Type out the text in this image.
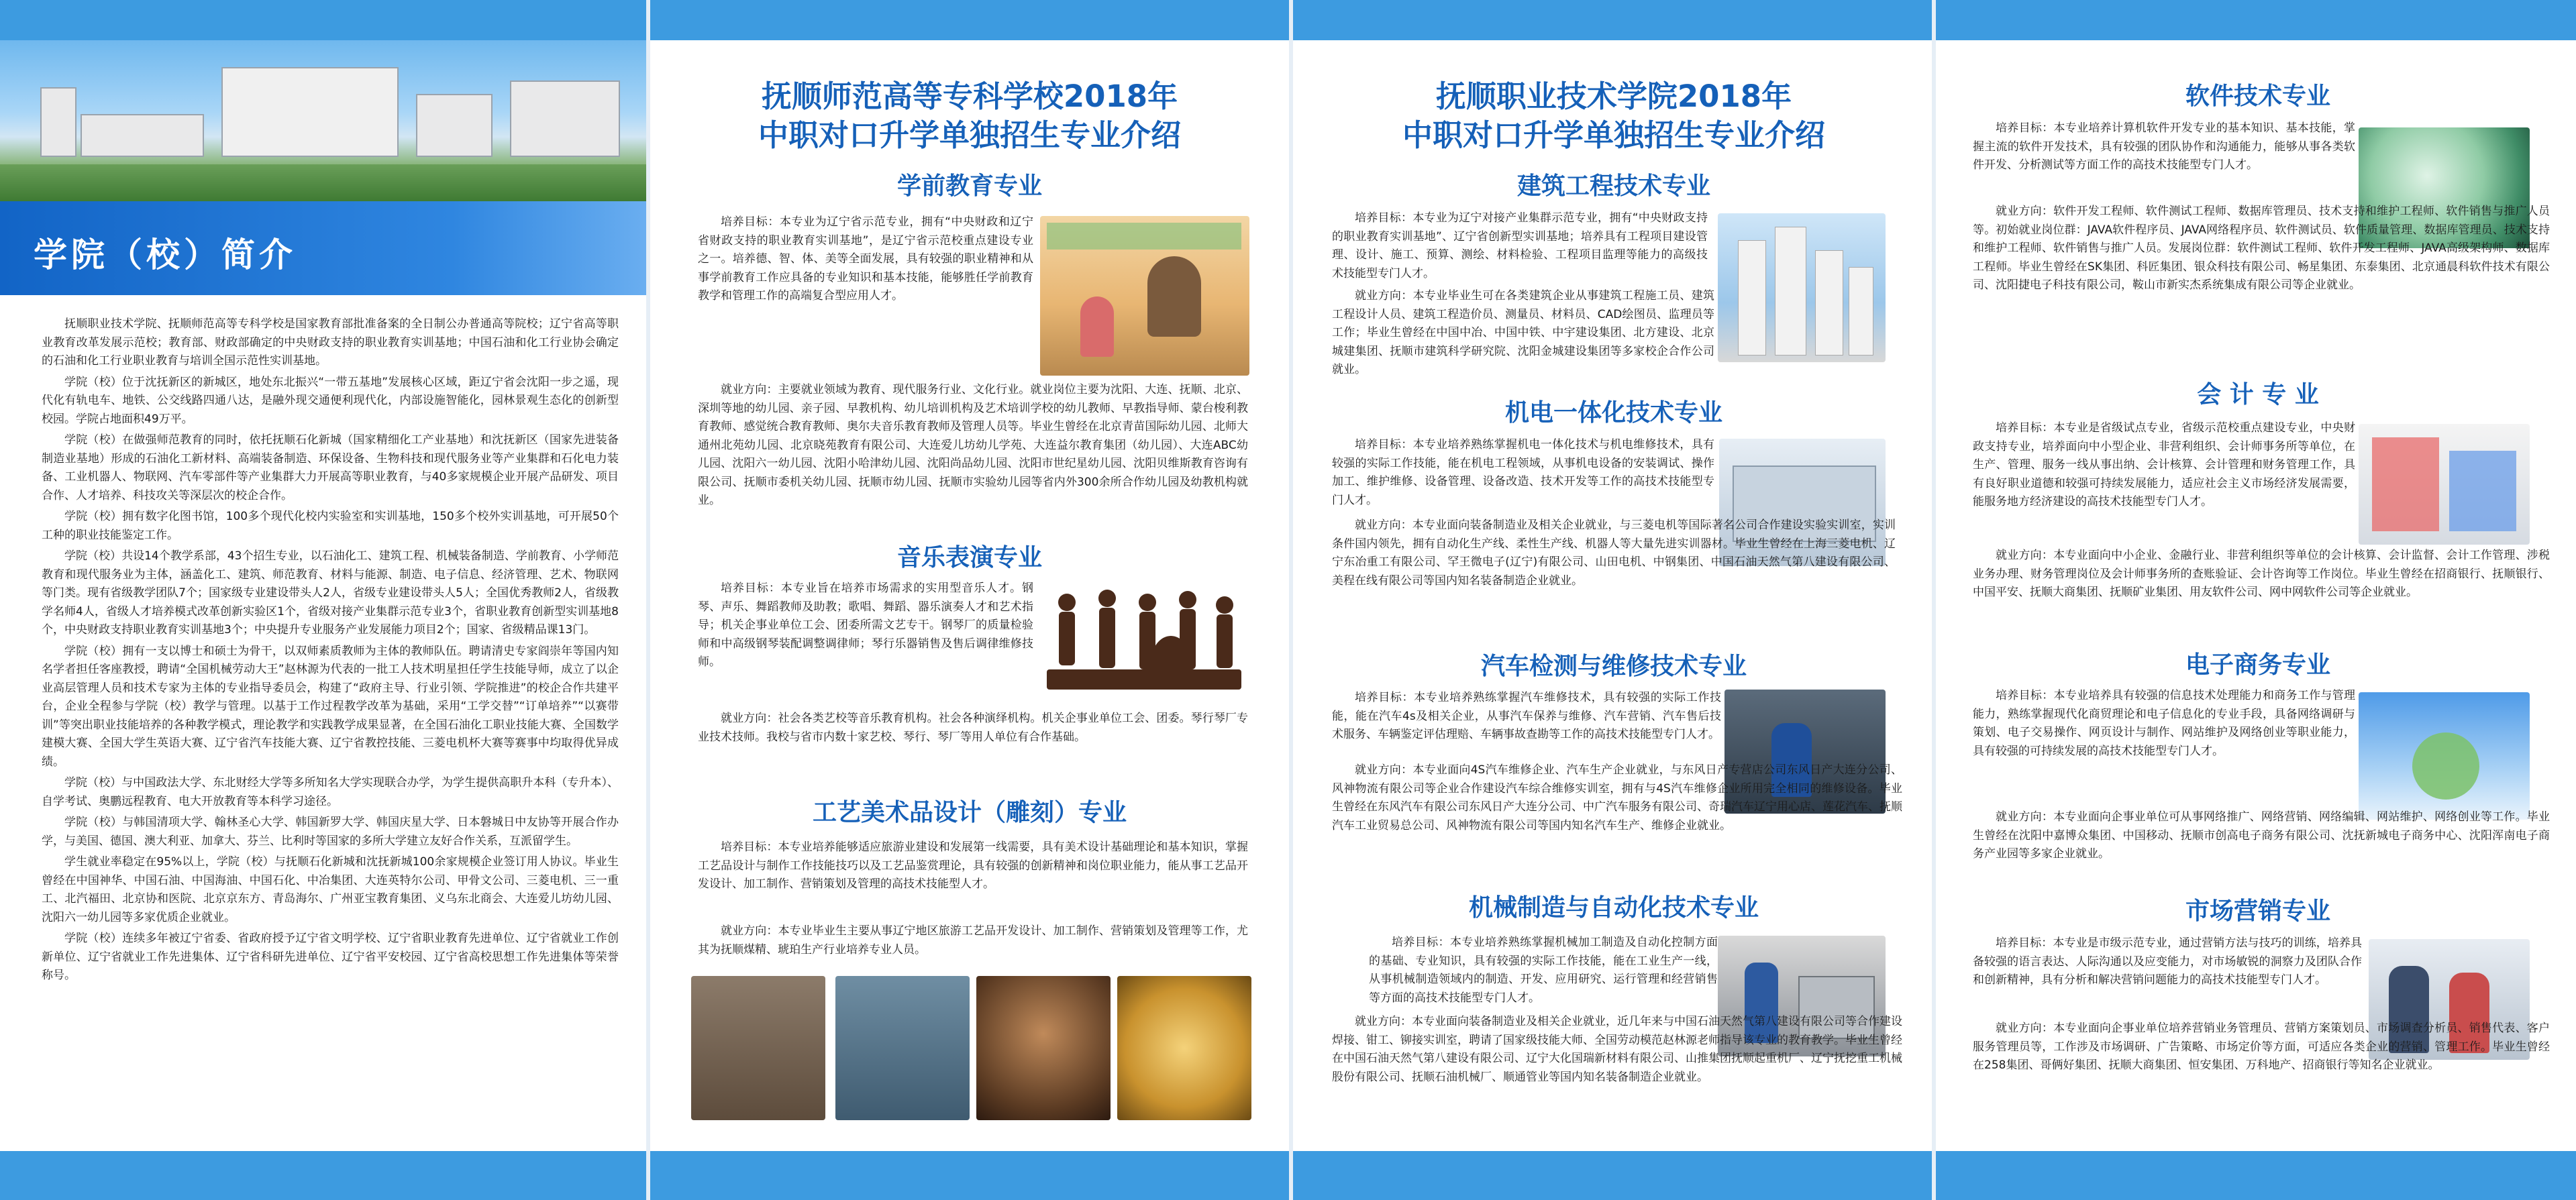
学院（校）简介

抚顺职业技术学院、抚顺师范高等专科学校是国家教育部批准备案的全日制公办普通高等院校；辽宁省高等职业教育改革发展示范校；教育部、财政部确定的中央财政支持的职业教育实训基地；中国石油和化工行业协会确定的石油和化工行业职业教育与培训全国示范性实训基地。

学院（校）位于沈抚新区的新城区，地处东北振兴“一带五基地”发展核心区域，距辽宁省会沈阳一步之遥，现代化有轨电车、地铁、公交线路四通八达，是融外现交通便利现代化，内部设施智能化，园林景观生态化的创新型校园。学院占地面积49万平。

学院（校）在做强师范教育的同时，依托抚顺石化新城（国家精细化工产业基地）和沈抚新区（国家先进装备制造业基地）形成的石油化工新材料、高端装备制造、环保设备、生物科技和现代服务业等产业集群和石化电力装备、工业机器人、物联网、汽车零部件等产业集群大力开展高等职业教育，与40多家规模企业开展产品研发、项目合作、人才培养、科技攻关等深层次的校企合作。

学院（校）拥有数字化图书馆，100多个现代化校内实验室和实训基地，150多个校外实训基地，可开展50个工种的职业技能鉴定工作。

学院（校）共设14个教学系部，43个招生专业，以石油化工、建筑工程、机械装备制造、学前教育、小学师范教育和现代服务业为主体，涵盖化工、建筑、师范教育、材料与能源、制造、电子信息、经济管理、艺术、物联网等门类。现有省级教学团队7个；国家级专业建设带头人2人，省级专业建设带头人5人；全国优秀教师2人，省级教学名师4人，省级人才培养模式改革创新实验区1个，省级对接产业集群示范专业3个，省职业教育创新型实训基地8个，中央财政支持职业教育实训基地3个；中央提升专业服务产业发展能力项目2个；国家、省级精品课13门。

学院（校）拥有一支以博士和硕士为骨干，以双师素质教师为主体的教师队伍。聘请清史专家阎崇年等国内知名学者担任客座教授，聘请“全国机械劳动大王”赵林源为代表的一批工人技术明星担任学生技能导师，成立了以企业高层管理人员和技术专家为主体的专业指导委员会，构建了“政府主导、行业引领、学院推进”的校企合作共建平台，企业全程参与学院（校）教学与管理。以基于工作过程教学改革为基础，采用“工学交替”“订单培养”“以赛带训”等突出职业技能培养的各种教学模式，理论教学和实践教学成果显著，在全国石油化工职业技能大赛、全国数学建模大赛、全国大学生英语大赛、辽宁省汽车技能大赛、辽宁省教控技能、三菱电机杯大赛等赛事中均取得优异成绩。

学院（校）与中国政法大学、东北财经大学等多所知名大学实现联合办学，为学生提供高职升本科（专升本）、自学考试、奥鹏远程教育、电大开放教育等本科学习途径。

学院（校）与韩国清项大学、翰林圣心大学、韩国新罗大学、韩国庆星大学、日本磐城日中友协等开展合作办学，与美国、德国、澳大利亚、加拿大、芬兰、比利时等国家的多所大学建立友好合作关系，互派留学生。

学生就业率稳定在95%以上，学院（校）与抚顺石化新城和沈抚新城100余家规模企业签订用人协议。毕业生曾经在中国神华、中国石油、中国海油、中国石化、中冶集团、大连英特尔公司、甲骨文公司、三菱电机、三一重工、北汽福田、北京协和医院、北京京东方、青岛海尔、广州亚宝教育集团、义乌东北商会、大连爱儿坊幼儿园、沈阳六一幼儿园等多家优质企业就业。

学院（校）连续多年被辽宁省委、省政府授予辽宁省文明学校、辽宁省职业教育先进单位、辽宁省就业工作创新单位、辽宁省就业工作先进集体、辽宁省科研先进单位、辽宁省平安校园、辽宁省高校思想工作先进集体等荣誉称号。

抚顺师范高等专科学校2018年

中职对口升学单独招生专业介绍

学前教育专业

培养目标：本专业为辽宁省示范专业，拥有“中央财政和辽宁省财政支持的职业教育实训基地”，是辽宁省示范校重点建设专业之一。培养德、智、体、美等全面发展，具有较强的职业精神和从事学前教育工作应具备的专业知识和基本技能，能够胜任学前教育教学和管理工作的高端复合型应用人才。

就业方向：主要就业领域为教育、现代服务行业、文化行业。就业岗位主要为沈阳、大连、抚顺、北京、深圳等地的幼儿园、亲子园、早教机构、幼儿培训机构及艺术培训学校的幼儿教师、早教指导师、蒙台梭利教育教师、感觉统合教育教师、奥尔夫音乐教育教师及管理人员等。毕业生曾经在北京青苗国际幼儿园、北师大通州北苑幼儿园、北京晓苑教育有限公司、大连爱儿坊幼儿学苑、大连益尔教育集团（幼儿园）、大连ABC幼儿园、沈阳六一幼儿园、沈阳小哈津幼儿园、沈阳尚品幼儿园、沈阳市世纪星幼儿园、沈阳贝维斯教育咨询有限公司、抚顺市委机关幼儿园、抚顺市幼儿园、抚顺市实验幼儿园等省内外300余所合作幼儿园及幼教机构就业。

音乐表演专业

培养目标：本专业旨在培养市场需求的实用型音乐人才。钢琴、声乐、舞蹈教师及助教；歌唱、舞蹈、器乐演奏人才和艺术指导；机关企事业单位工会、团委所需文艺专干。钢琴厂的质量检验师和中高级钢琴装配调整调律师；琴行乐器销售及售后调律维修技师。

就业方向：社会各类艺校等音乐教育机构。社会各种演绎机构。机关企事业单位工会、团委。琴行琴厂专业技术技师。我校与省市内数十家艺校、琴行、琴厂等用人单位有合作基础。

工艺美术品设计（雕刻）专业

培养目标：本专业培养能够适应旅游业建设和发展第一线需要，具有美术设计基础理论和基本知识，掌握工艺品设计与制作工作技能技巧以及工艺品鉴赏理论，具有较强的创新精神和岗位职业能力，能从事工艺品开发设计、加工制作、营销策划及管理的高技术技能型人才。

就业方向：本专业毕业生主要从事辽宁地区旅游工艺品开发设计、加工制作、营销策划及管理等工作，尤其为抚顺煤精、琥珀生产行业培养专业人员。

抚顺职业技术学院2018年

中职对口升学单独招生专业介绍

建筑工程技术专业

培养目标：本专业为辽宁对接产业集群示范专业，拥有“中央财政支持的职业教育实训基地”、辽宁省创新型实训基地；培养具有工程项目建设管理、设计、施工、预算、测绘、材料检验、工程项目监理等能力的高级技术技能型专门人才。

就业方向：本专业毕业生可在各类建筑企业从事建筑工程施工员、建筑工程设计人员、建筑工程造价员、测量员、材料员、CAD绘图员、监理员等工作；毕业生曾经在中国中冶、中国中铁、中宇建设集团、北方建设、北京城建集团、抚顺市建筑科学研究院、沈阳金城建设集团等多家校企合作公司就业。

机电一体化技术专业

培养目标：本专业培养熟练掌握机电一体化技术与机电维修技术，具有较强的实际工作技能，能在机电工程领域，从事机电设备的安装调试、操作加工、维护维修、设备管理、设备改造、技术开发等工作的高技术技能型专门人才。

就业方向：本专业面向装备制造业及相关企业就业，与三菱电机等国际著名公司合作建设实验实训室，实训条件国内领先，拥有自动化生产线、柔性生产线、机器人等大量先进实训器材。毕业生曾经在上海三菱电机、辽宁东冶重工有限公司、罕王微电子(辽宁)有限公司、山田电机、中钢集团、中国石油天然气第八建设有限公司、美程在线有限公司等国内知名装备制造企业就业。

汽车检测与维修技术专业

培养目标：本专业培养熟练掌握汽车维修技术，具有较强的实际工作技能，能在汽车4s及相关企业，从事汽车保养与维修、汽车营销、汽车售后技术服务、车辆鉴定评估理赔、车辆事故查勘等工作的高技术技能型专门人才。

就业方向：本专业面向4S汽车维修企业、汽车生产企业就业，与东风日产专营店公司东风日产大连分公司、风神物流有限公司等企业合作建设汽车综合维修实训室，拥有与4S汽车维修企业所用完全相同的维修设备。毕业生曾经在东风汽车有限公司东风日产大连分公司、中广汽车服务有限公司、奇瑞汽车辽宁用心店、莲花汽车、抚顺汽车工业贸易总公司、风神物流有限公司等国内知名汽车生产、维修企业就业。

机械制造与自动化技术专业

培养目标：本专业培养熟练掌握机械加工制造及自动化控制方面的基础、专业知识，具有较强的实际工作技能，能在工业生产一线，从事机械制造领域内的制造、开发、应用研究、运行管理和经营销售等方面的高技术技能型专门人才。

就业方向：本专业面向装备制造业及相关企业就业，近几年来与中国石油天然气第八建设有限公司等合作建设焊接、钳工、铆接实训室，聘请了国家级技能大师、全国劳动模范赵林源老师指导该专业的教育教学。毕业生曾经在中国石油天然气第八建设有限公司、辽宁大化国瑞新材料有限公司、山推集团抚顺起重机厂、辽宁抚挖重工机械股份有限公司、抚顺石油机械厂、顺通管业等国内知名装备制造企业就业。

软件技术专业

培养目标：本专业培养计算机软件开发专业的基本知识、基本技能，掌握主流的软件开发技术，具有较强的团队协作和沟通能力，能够从事各类软件开发、分析测试等方面工作的高技术技能型专门人才。

就业方向：软件开发工程师、软件测试工程师、数据库管理员、技术支持和维护工程师、软件销售与推广人员等。初始就业岗位群：JAVA软件程序员、JAVA网络程序员、软件测试员、软件质量管理、数据库管理员、技术支持和维护工程师、软件销售与推广人员。发展岗位群：软件测试工程师、软件开发工程师、JAVA高级架构师、数据库工程师。毕业生曾经在SK集团、科匠集团、银众科技有限公司、畅星集团、东泰集团、北京通晨科软件技术有限公司、沈阳捷电子科技有限公司，鞍山市新实杰系统集成有限公司等企业就业。

会 计 专 业

培养目标：本专业是省级试点专业，省级示范校重点建设专业，中央财政支持专业，培养面向中小型企业、非营利组织、会计师事务所等单位，在生产、管理、服务一线从事出纳、会计核算、会计管理和财务管理工作，具有良好职业道德和较强可持续发展能力，适应社会主义市场经济发展需要，能服务地方经济建设的高技术技能型专门人才。

就业方向：本专业面向中小企业、金融行业、非营利组织等单位的会计核算、会计监督、会计工作管理、涉税业务办理、财务管理岗位及会计师事务所的查账验证、会计咨询等工作岗位。毕业生曾经在招商银行、抚顺银行、中国平安、抚顺大商集团、抚顺矿业集团、用友软件公司、网中网软件公司等企业就业。

电子商务专业

培养目标：本专业培养具有较强的信息技术处理能力和商务工作与管理能力，熟练掌握现代化商贸理论和电子信息化的专业手段，具备网络调研与策划、电子交易操作、网页设计与制作、网站维护及网络创业等职业能力，具有较强的可持续发展的高技术技能型专门人才。

就业方向：本专业面向企事业单位可从事网络推广、网络营销、网络编辑、网站维护、网络创业等工作。毕业生曾经在沈阳中嘉博众集团、中国移动、抚顺市创高电子商务有限公司、沈抚新城电子商务中心、沈阳浑南电子商务产业园等多家企业就业。

市场营销专业

培养目标：本专业是市级示范专业，通过营销方法与技巧的训练，培养具备较强的语言表达、人际沟通以及应变能力，对市场敏锐的洞察力及团队合作和创新精神，具有分析和解决营销问题能力的高技术技能型专门人才。

就业方向：本专业面向企事业单位培养营销业务管理员、营销方案策划员、市场调查分析员、销售代表、客户服务管理员等，工作涉及市场调研、广告策略、市场定价等方面，可适应各类企业的营销、管理工作。毕业生曾经在258集团、哥俩好集团、抚顺大商集团、恒安集团、万科地产、招商银行等知名企业就业。
